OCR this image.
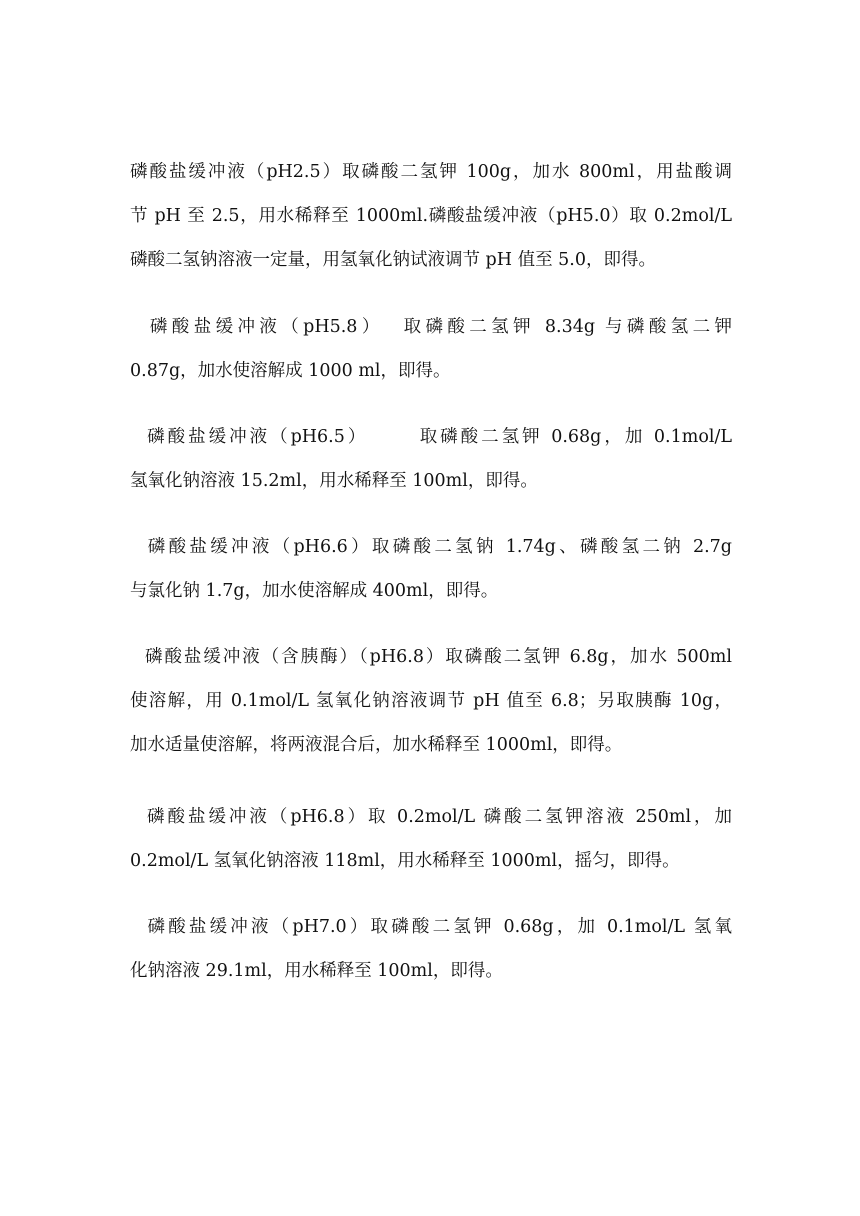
磷酸盐缓冲液（pH2.5）取磷酸二氢钾 100g，加水 800ml，用盐酸调
节 pH 至 2.5，用水稀释至 1000ml.磷酸盐缓冲液（pH5.0）取 0.2mol/L
磷酸二氢钠溶液一定量，用氢氧化钠试液调节 pH 值至 5.0，即得。
磷酸盐缓冲液（pH5.8）  取磷酸二氢钾 8.34g 与磷酸氢二钾
0.87g，加水使溶解成 1000 ml，即得。
磷酸盐缓冲液（pH6.5）      取磷酸二氢钾 0.68g，加 0.1mol/L
氢氧化钠溶液 15.2ml，用水稀释至 100ml，即得。
磷酸盐缓冲液（pH6.6）取磷酸二氢钠 1.74g、磷酸氢二钠 2.7g
与氯化钠 1.7g，加水使溶解成 400ml，即得。
磷酸盐缓冲液（含胰酶）（pH6.8）取磷酸二氢钾 6.8g，加水 500ml
使溶解，用 0.1mol/L 氢氧化钠溶液调节 pH 值至 6.8；另取胰酶 10g，
加水适量使溶解，将两液混合后，加水稀释至 1000ml，即得。
磷酸盐缓冲液（pH6.8）取 0.2mol/L 磷酸二氢钾溶液 250ml，加
0.2mol/L 氢氧化钠溶液 118ml，用水稀释至 1000ml，摇匀，即得。
磷酸盐缓冲液（pH7.0）取磷酸二氢钾 0.68g，加 0.1mol/L 氢氧
化钠溶液 29.1ml，用水稀释至 100ml，即得。
